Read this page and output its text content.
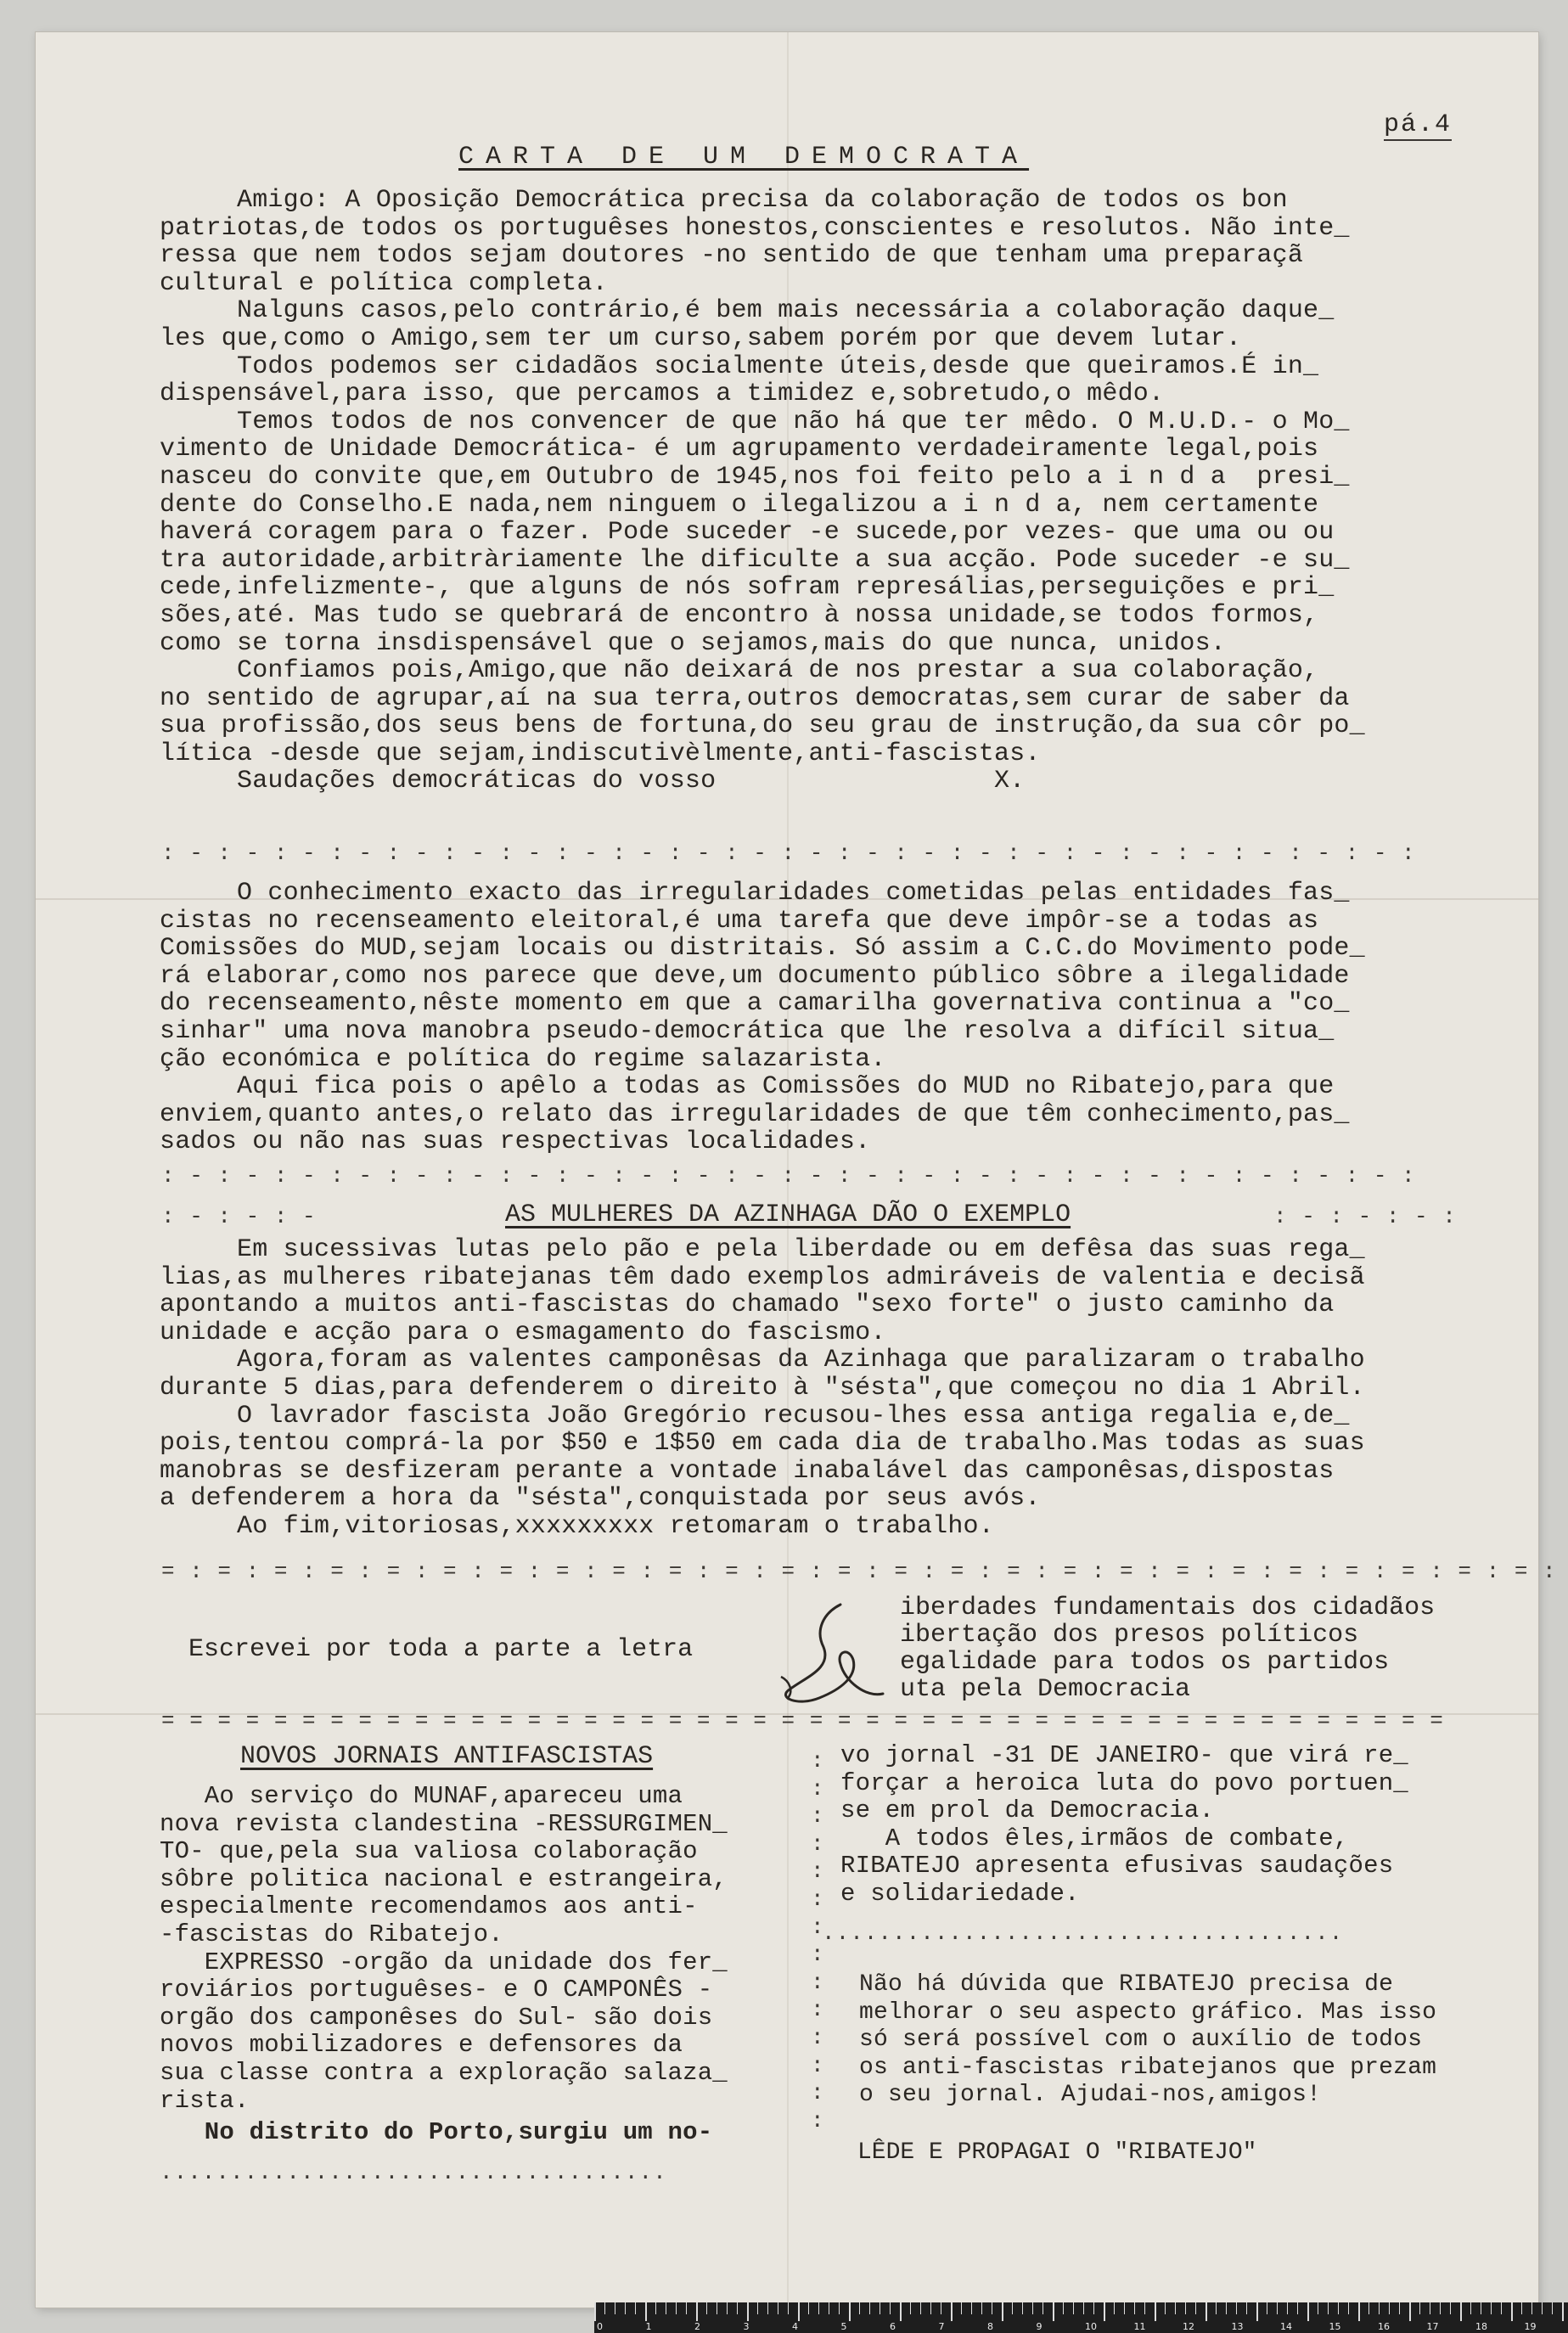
pá.4
CARTA DE UM DEMOCRATA
Amigo: A Oposição Democrática precisa da colaboração de todos os bon
patriotas,de todos os portuguêses honestos,conscientes e resolutos. Não inte_
ressa que nem todos sejam doutores -no sentido de que tenham uma preparaçã
cultural e política completa.
Nalguns casos,pelo contrário,é bem mais necessária a colaboração daque_
les que,como o Amigo,sem ter um curso,sabem porém por que devem lutar.
Todos podemos ser cidadãos socialmente úteis,desde que queiramos.É in_
dispensável,para isso, que percamos a timidez e,sobretudo,o mêdo.
Temos todos de nos convencer de que não há que ter mêdo. O M.U.D.- o Mo_
vimento de Unidade Democrática- é um agrupamento verdadeiramente legal,pois
nasceu do convite que,em Outubro de 1945,nos foi feito pelo a i n d a  presi_
dente do Conselho.E nada,nem ninguem o ilegalizou a i n d a, nem certamente
haverá coragem para o fazer. Pode suceder -e sucede,por vezes- que uma ou ou
tra autoridade,arbitràriamente lhe dificulte a sua acção. Pode suceder -e su_
cede,infelizmente-, que alguns de nós sofram represálias,perseguições e pri_
sões,até. Mas tudo se quebrará de encontro à nossa unidade,se todos formos,
como se torna insdispensável que o sejamos,mais do que nunca, unidos.
Confiamos pois,Amigo,que não deixará de nos prestar a sua colaboração,
no sentido de agrupar,aí na sua terra,outros democratas,sem curar de saber da
sua profissão,dos seus bens de fortuna,do seu grau de instrução,da sua côr po_
lítica -desde que sejam,indiscutivèlmente,anti-fascistas.
Saudações democráticas do vosso                  X.
: - : - : - : - : - : - : - : - : - : - : - : - : - : - : - : - : - : - : - : - : - : - :
O conhecimento exacto das irregularidades cometidas pelas entidades fas_
cistas no recenseamento eleitoral,é uma tarefa que deve impôr-se a todas as
Comissões do MUD,sejam locais ou distritais. Só assim a C.C.do Movimento pode_
rá elaborar,como nos parece que deve,um documento público sôbre a ilegalidade
do recenseamento,nêste momento em que a camarilha governativa continua a "co_
sinhar" uma nova manobra pseudo-democrática que lhe resolva a difícil situa_
ção económica e política do regime salazarista.
Aqui fica pois o apêlo a todas as Comissões do MUD no Ribatejo,para que
enviem,quanto antes,o relato das irregularidades de que têm conhecimento,pas_
sados ou não nas suas respectivas localidades.
: - : - : - : - : - : - : - : - : - : - : - : - : - : - : - : - : - : - : - : - : - : - :
: - : - : -	AS MULHERES DA AZINHAGA DÃO O EXEMPLO	: - : - : - :
Em sucessivas lutas pelo pão e pela liberdade ou em defêsa das suas rega_
lias,as mulheres ribatejanas têm dado exemplos admiráveis de valentia e decisã
apontando a muitos anti-fascistas do chamado "sexo forte" o justo caminho da
unidade e acção para o esmagamento do fascismo.
Agora,foram as valentes camponêsas da Azinhaga que paralizaram o trabalho
durante 5 dias,para defenderem o direito à "sésta",que começou no dia 1 Abril.
O lavrador fascista João Gregório recusou-lhes essa antiga regalia e,de_
pois,tentou comprá-la por $50 e 1$50 em cada dia de trabalho.Mas todas as suas
manobras se desfizeram perante a vontade inabalável das camponêsas,dispostas
a defenderem a hora da "sésta",conquistada por seus avós.
Ao fim,vitoriosas,xxxxxxxxx retomaram o trabalho.
= : = : = : = : = : = : = : = : = : = : = : = : = : = : = : = : = : = : = : = : = : = : = : = : = :
Escrevei por toda a parte a letra
iberdades fundamentais dos cidadãos
ibertação dos presos políticos
egalidade para todos os partidos
uta pela Democracia
= = = = = = = = = = = = = = = = = = = = = = = = = = = = = = = = = = = = = = = = = = = = = =
NOVOS JORNAIS ANTIFASCISTAS
Ao serviço do MUNAF,apareceu uma
nova revista clandestina -RESSURGIMEN_
TO- que,pela sua valiosa colaboração
sôbre politica nacional e estrangeira,
especialmente recomendamos aos anti-
-fascistas do Ribatejo.
EXPRESSO -orgão da unidade dos fer_
roviários portuguêses- e O CAMPONÊS -
orgão dos camponêses do Sul- são dois
novos mobilizadores e defensores da
sua classe contra a exploração salaza_
rista.
No distrito do Porto,surgiu um no-
....................................
:
:
:
:
:
:
:
:
:
:
:
:
:
:
vo jornal -31 DE JANEIRO- que virá re_
forçar a heroica luta do povo portuen_
se em prol da Democracia.
A todos êles,irmãos de combate,
RIBATEJO apresenta efusivas saudações
e solidariedade.
.....................................
Não há dúvida que RIBATEJO precisa de
melhorar o seu aspecto gráfico. Mas isso
só será possível com o auxílio de todos
os anti-fascistas ribatejanos que prezam
o seu jornal. Ajudai-nos,amigos!
LÊDE E PROPAGAI O "RIBATEJO"
0	1	2	3	4	5	6	7	8	9	10	11	12	13	14	15	16	17	18	19
